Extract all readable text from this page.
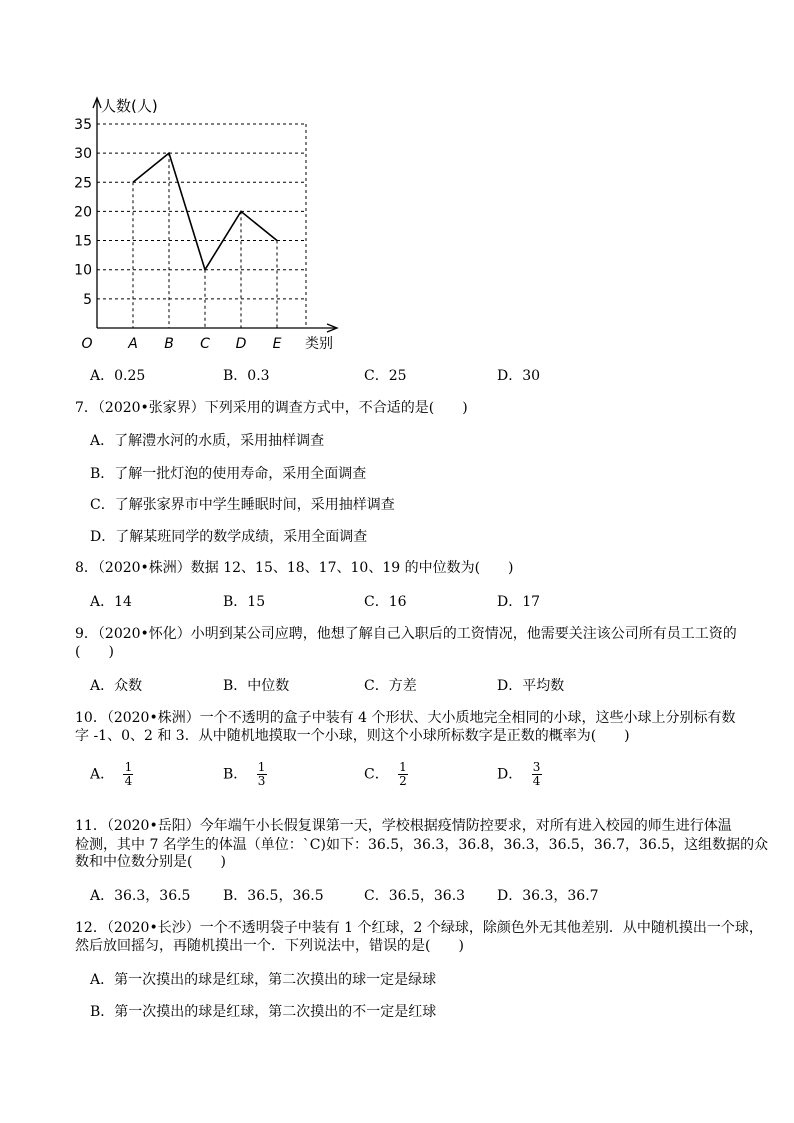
5
10
15
20
25
30
35
A B C D E
O
人数(人)
类别
A．0.25	B．0.3	C．25	D．30
7．（2020•张家界）下列采用的调查方式中，不合适的是(　　)
A．了解澧水河的水质，采用抽样调查
B．了解一批灯泡的使用寿命，采用全面调查
C．了解张家界市中学生睡眠时间，采用抽样调查
D．了解某班同学的数学成绩，采用全面调查
8．（2020•株洲）数据 12、15、18、17、10、19 的中位数为(　　)
A．14	B．15	C．16	D．17
9．（2020•怀化）小明到某公司应聘，他想了解自己入职后的工资情况，他需要关注该公司所有员工工资的
(　　)
A．众数	B．中位数	C．方差	D．平均数
10．（2020•株洲）一个不透明的盒子中装有 4 个形状、大小质地完全相同的小球，这些小球上分别标有数
字 -1、0、2 和 3．从中随机地摸取一个小球，则这个小球所标数字是正数的概率为(　　)
A． $\frac{1}{4}$	B． $\frac{1}{3}$	C． $\frac{1}{2}$	D． $\frac{3}{4}$
11．（2020•岳阳）今年端午小长假复课第一天，学校根据疫情防控要求，对所有进入校园的师生进行体温
检测，其中 7 名学生的体温（单位：`C)如下：36.5，36.3，36.8，36.3，36.5，36.7，36.5，这组数据的众
数和中位数分别是(　　)
A．36.3，36.5 B．36.5，36.5	C．36.5，36.3 D．36.3，36.7
12．（2020•长沙）一个不透明袋子中装有 1 个红球，2 个绿球，除颜色外无其他差别．从中随机摸出一个球，
然后放回摇匀，再随机摸出一个．下列说法中，错误的是(　　)
A．第一次摸出的球是红球，第二次摸出的球一定是绿球
B．第一次摸出的球是红球，第二次摸出的不一定是红球
